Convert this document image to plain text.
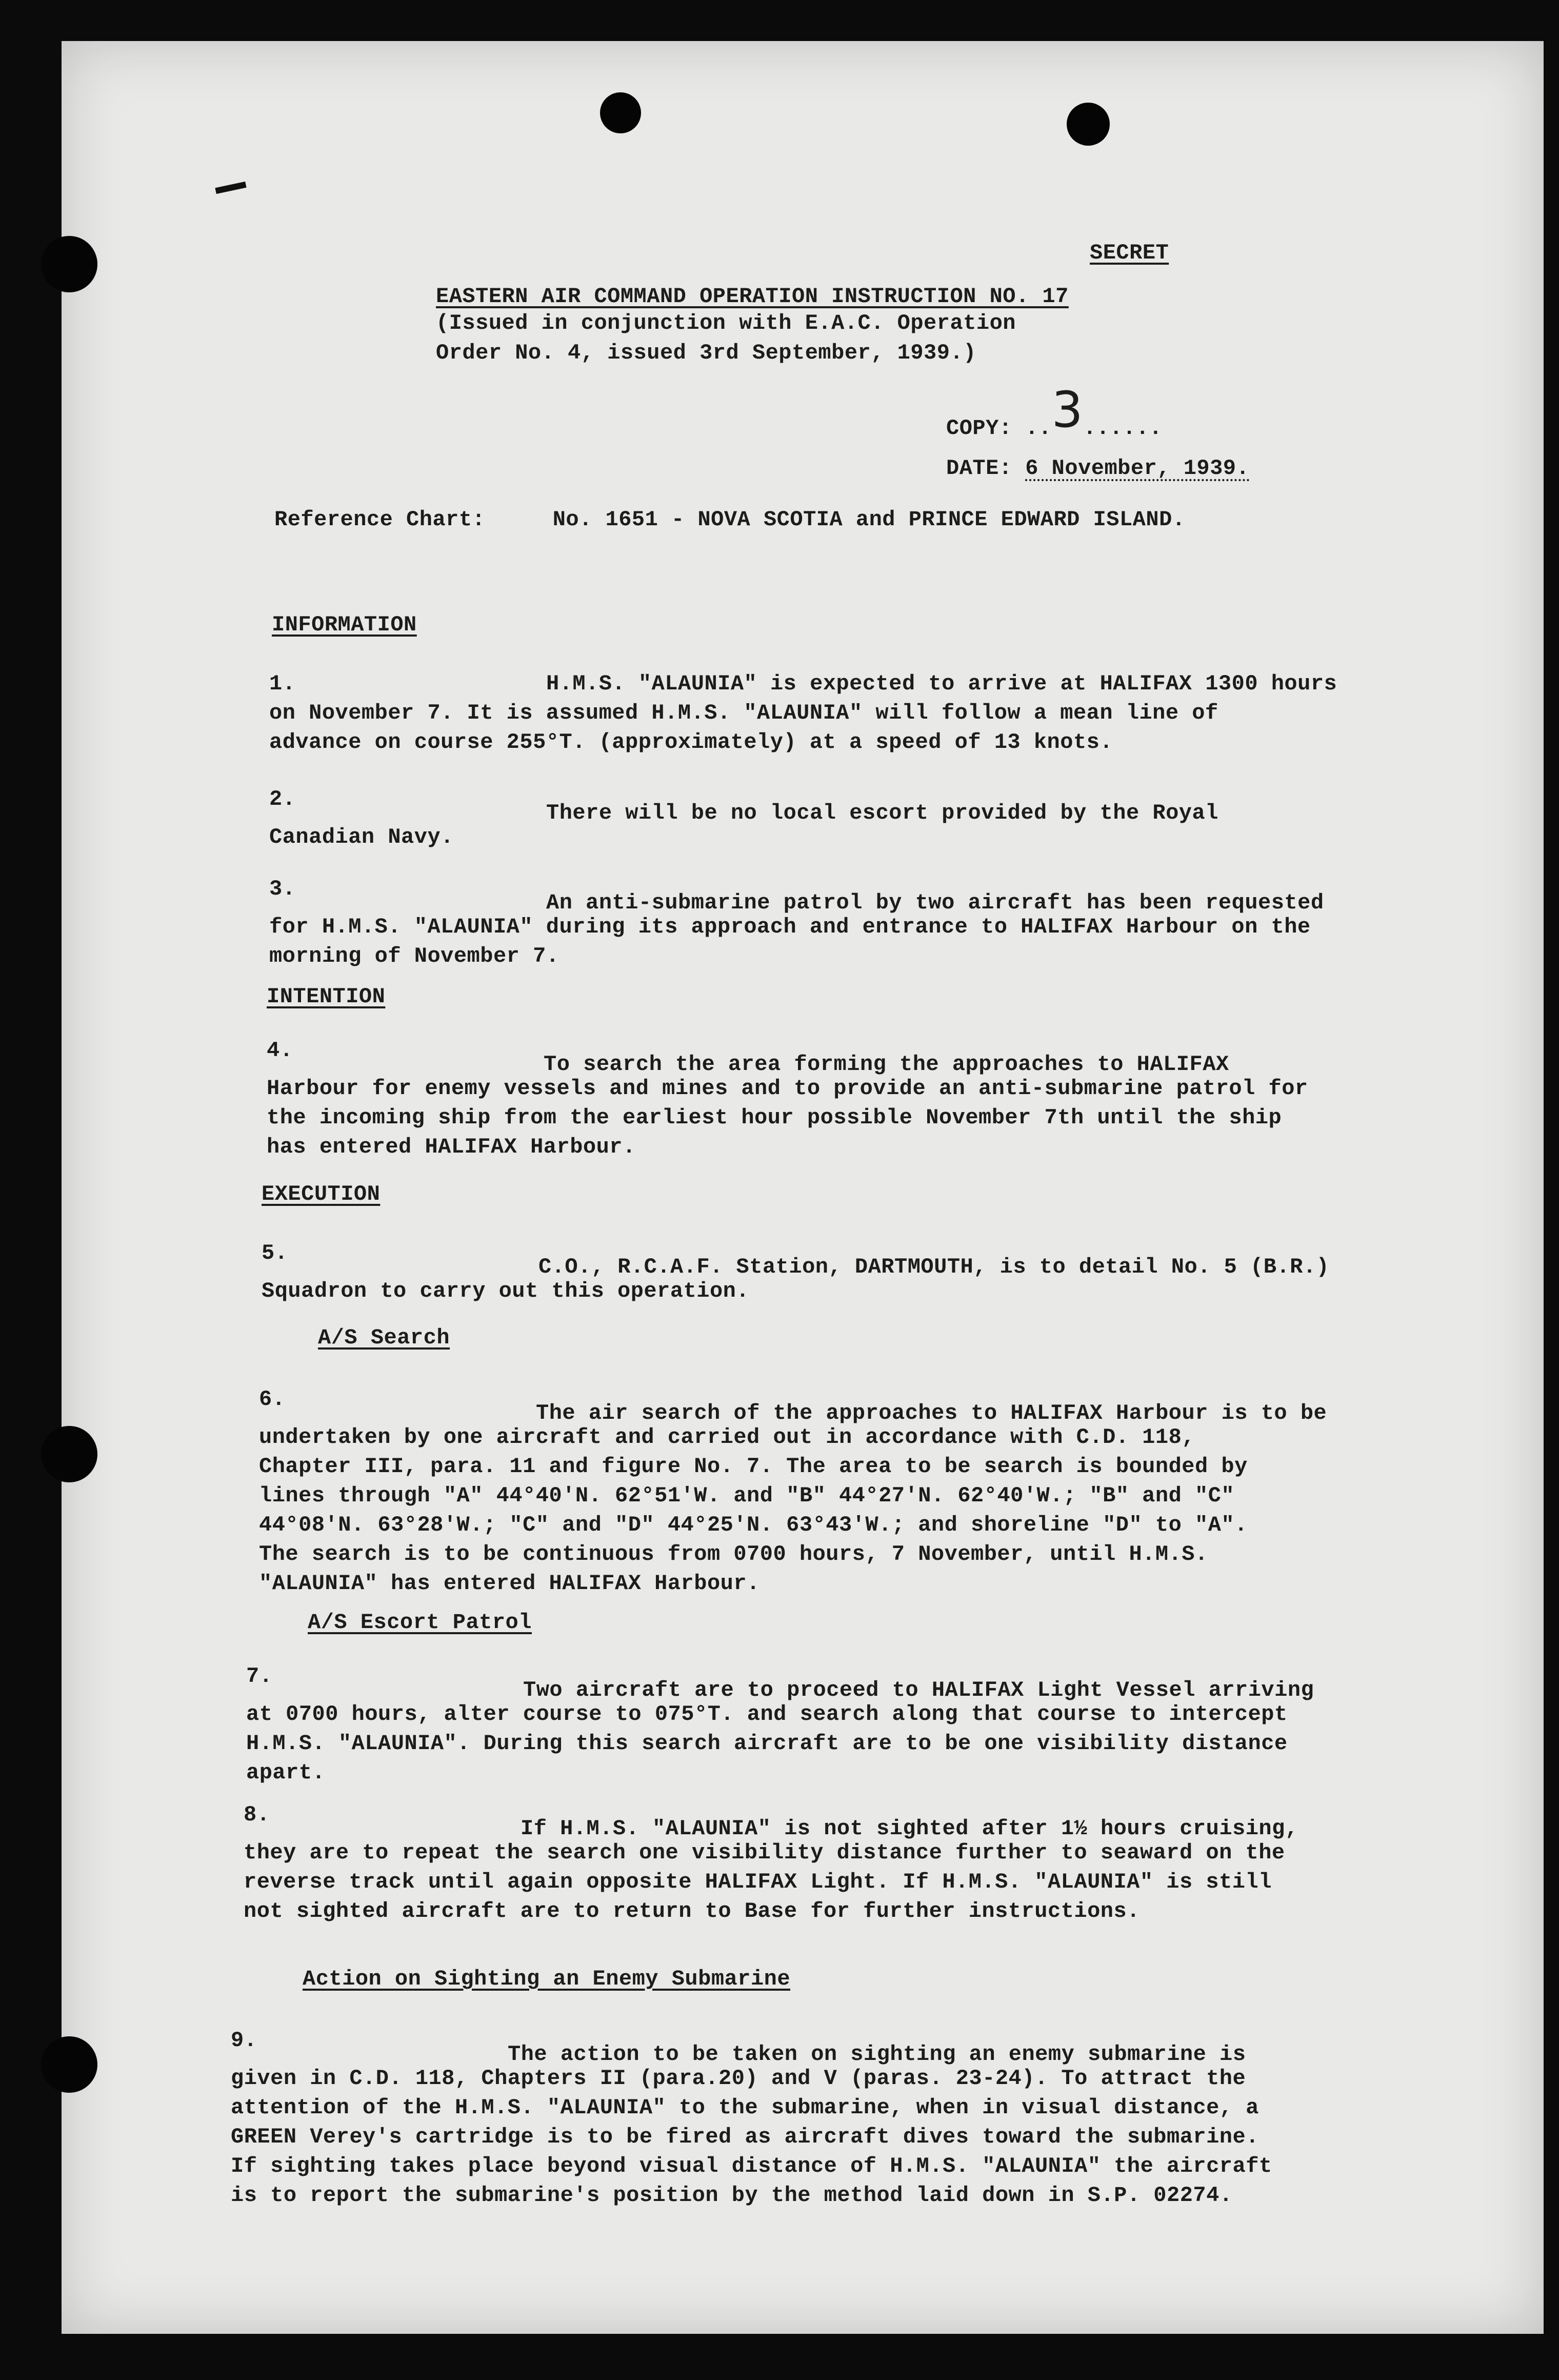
SECRET
EASTERN AIR COMMAND OPERATION INSTRUCTION NO. 17
(Issued in conjunction with E.A.C. Operation
Order No. 4, issued 3rd September, 1939.)
COPY: ..3......
DATE: 6 November, 1939.
Reference Chart:	No. 1651 - NOVA SCOTIA and PRINCE EDWARD ISLAND.
INFORMATION
1.	H.M.S. "ALAUNIA" is expected to arrive at HALIFAX 1300 hours
on November 7. It is assumed H.M.S. "ALAUNIA" will follow a mean line of
advance on course 255°T. (approximately) at a speed of 13 knots.
2.
There will be no local escort provided by the Royal
Canadian Navy.
3.
An anti-submarine patrol by two aircraft has been requested
for H.M.S. "ALAUNIA" during its approach and entrance to HALIFAX Harbour on the
morning of November 7.
INTENTION
4.
To search the area forming the approaches to HALIFAX
Harbour for enemy vessels and mines and to provide an anti-submarine patrol for
the incoming ship from the earliest hour possible November 7th until the ship
has entered HALIFAX Harbour.
EXECUTION
5.
C.O., R.C.A.F. Station, DARTMOUTH, is to detail No. 5 (B.R.)
Squadron to carry out this operation.
A/S Search
6.
The air search of the approaches to HALIFAX Harbour is to be
undertaken by one aircraft and carried out in accordance with C.D. 118,
Chapter III, para. 11 and figure No. 7. The area to be search is bounded by
lines through "A" 44°40'N. 62°51'W. and "B" 44°27'N. 62°40'W.; "B" and "C"
44°08'N. 63°28'W.; "C" and "D" 44°25'N. 63°43'W.; and shoreline "D" to "A".
The search is to be continuous from 0700 hours, 7 November, until H.M.S.
"ALAUNIA" has entered HALIFAX Harbour.
A/S Escort Patrol
7.
Two aircraft are to proceed to HALIFAX Light Vessel arriving
at 0700 hours, alter course to 075°T. and search along that course to intercept
H.M.S. "ALAUNIA". During this search aircraft are to be one visibility distance
apart.
8.
If H.M.S. "ALAUNIA" is not sighted after 1½ hours cruising,
they are to repeat the search one visibility distance further to seaward on the
reverse track until again opposite HALIFAX Light. If H.M.S. "ALAUNIA" is still
not sighted aircraft are to return to Base for further instructions.
Action on Sighting an Enemy Submarine
9.
The action to be taken on sighting an enemy submarine is
given in C.D. 118, Chapters II (para.20) and V (paras. 23-24). To attract the
attention of the H.M.S. "ALAUNIA" to the submarine, when in visual distance, a
GREEN Verey's cartridge is to be fired as aircraft dives toward the submarine.
If sighting takes place beyond visual distance of H.M.S. "ALAUNIA" the aircraft
is to report the submarine's position by the method laid down in S.P. 02274.
